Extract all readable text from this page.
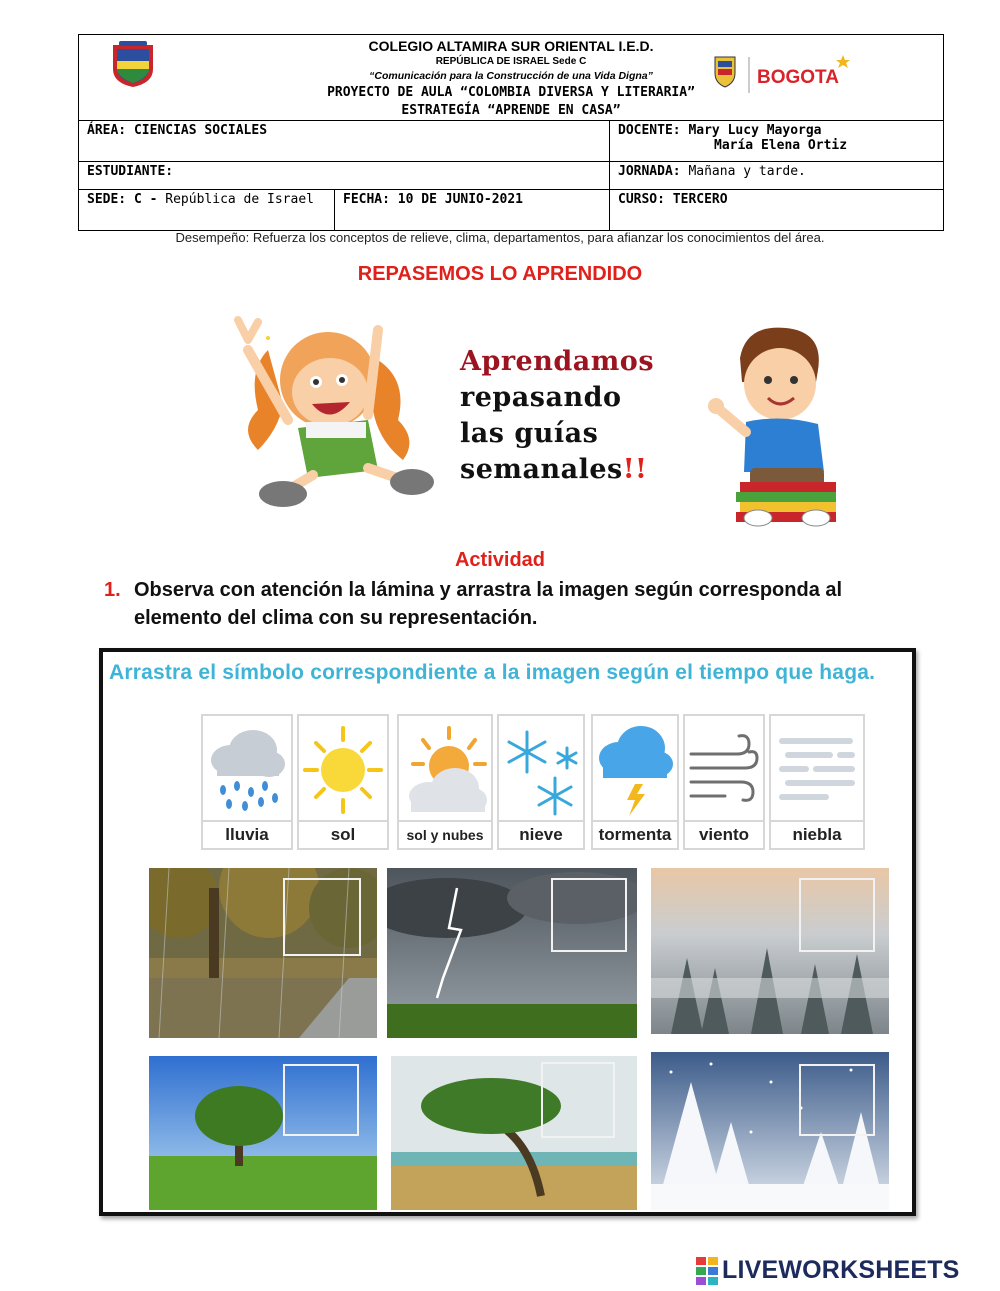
COLEGIO ALTAMIRA SUR ORIENTAL I.E.D.
REPÚBLICA DE ISRAEL Sede C
“Comunicación para la Construcción de una Vida Digna”
PROYECTO DE AULA “COLOMBIA DIVERSA Y LITERARIA”
ESTRATEGÍA “APRENDE EN CASA”
BOGOTA
ÁREA: CIENCIAS SOCIALES	DOCENTE: Mary Lucy Mayorga
María Elena Ortiz
ESTUDIANTE:	JORNADA: Mañana y tarde.
SEDE: C - República de Israel	FECHA: 10 DE JUNIO-2021	CURSO: TERCERO
Desempeño: Refuerza los conceptos de relieve, clima, departamentos, para afianzar los conocimientos del área.
REPASEMOS LO APRENDIDO
Aprendamos
repasando
las guías
semanales!!
Actividad
1. Observa con atención la lámina y arrastra la imagen según corresponda al elemento del clima con su representación.
Arrastra el símbolo correspondiente a la imagen según el tiempo que haga.
lluvia	sol	sol y nubes	nieve	tormenta	viento	niebla
LIVEWORKSHEETS
